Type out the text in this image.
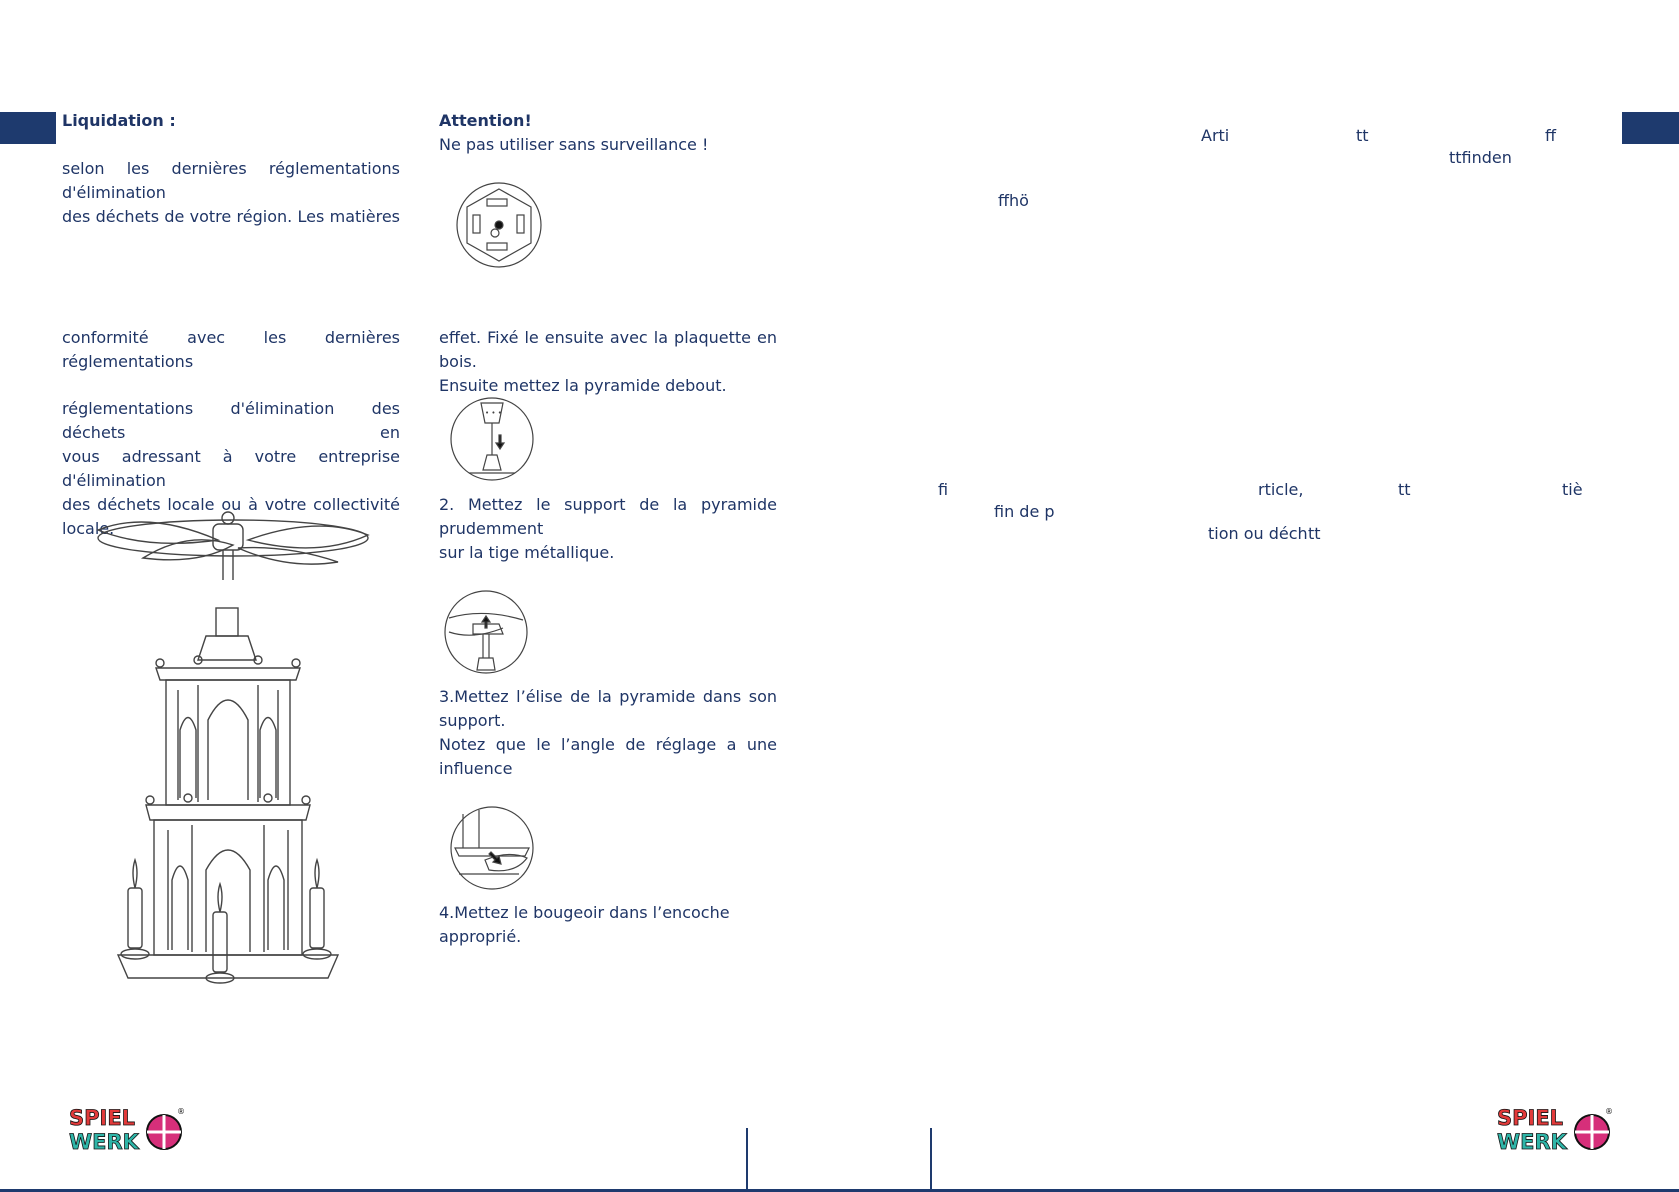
Liquidation :
selon les dernières réglementations d'élimination
des déchets de votre région. Les matières
conformité avec les dernières réglementations
réglementations d'élimination des déchets en
vous adressant à votre entreprise d'élimination
des déchets locale ou à votre collectivité locale.
Attention!
Ne pas utiliser sans surveillance !
effet. Fixé le ensuite avec la plaquette en bois.
Ensuite mettez la pyramide debout.
• • •
2. Mettez le support de la pyramide prudemment
sur la tige métallique.
3.Mettez l’élise de la pyramide dans son support.
Notez que le l’angle de réglage a une influence
4.Mettez le bougeoir dans l’encoche approprié.
Arti	tt	ff
ttfinden
ffhö
fi	rticle,	tt	tiè
fin de p
tion ou déch tt
SPIEL
WERK
®	SPIEL
WERK
®
